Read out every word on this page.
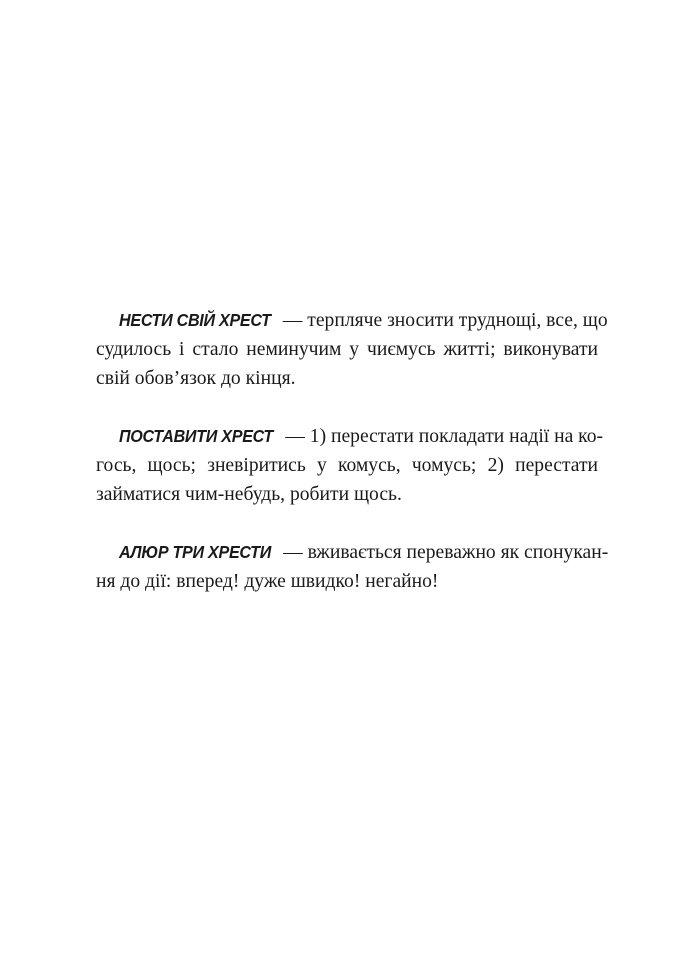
НЕСТИ СВІЙ ХРЕСТ — терпляче зносити труднощі, все, що
судилось і стало неминучим у чиємусь житті; виконувати
свій обов’язок до кінця.

ПОСТАВИТИ ХРЕСТ — 1) перестати покладати надії на ко-
гось, щось; зневіритись у комусь, чомусь; 2) перестати
займатися чим-небудь, робити щось.

АЛЮР ТРИ ХРЕСТИ — вживається переважно як спонукан-
ня до дії: вперед! дуже швидко! негайно!
